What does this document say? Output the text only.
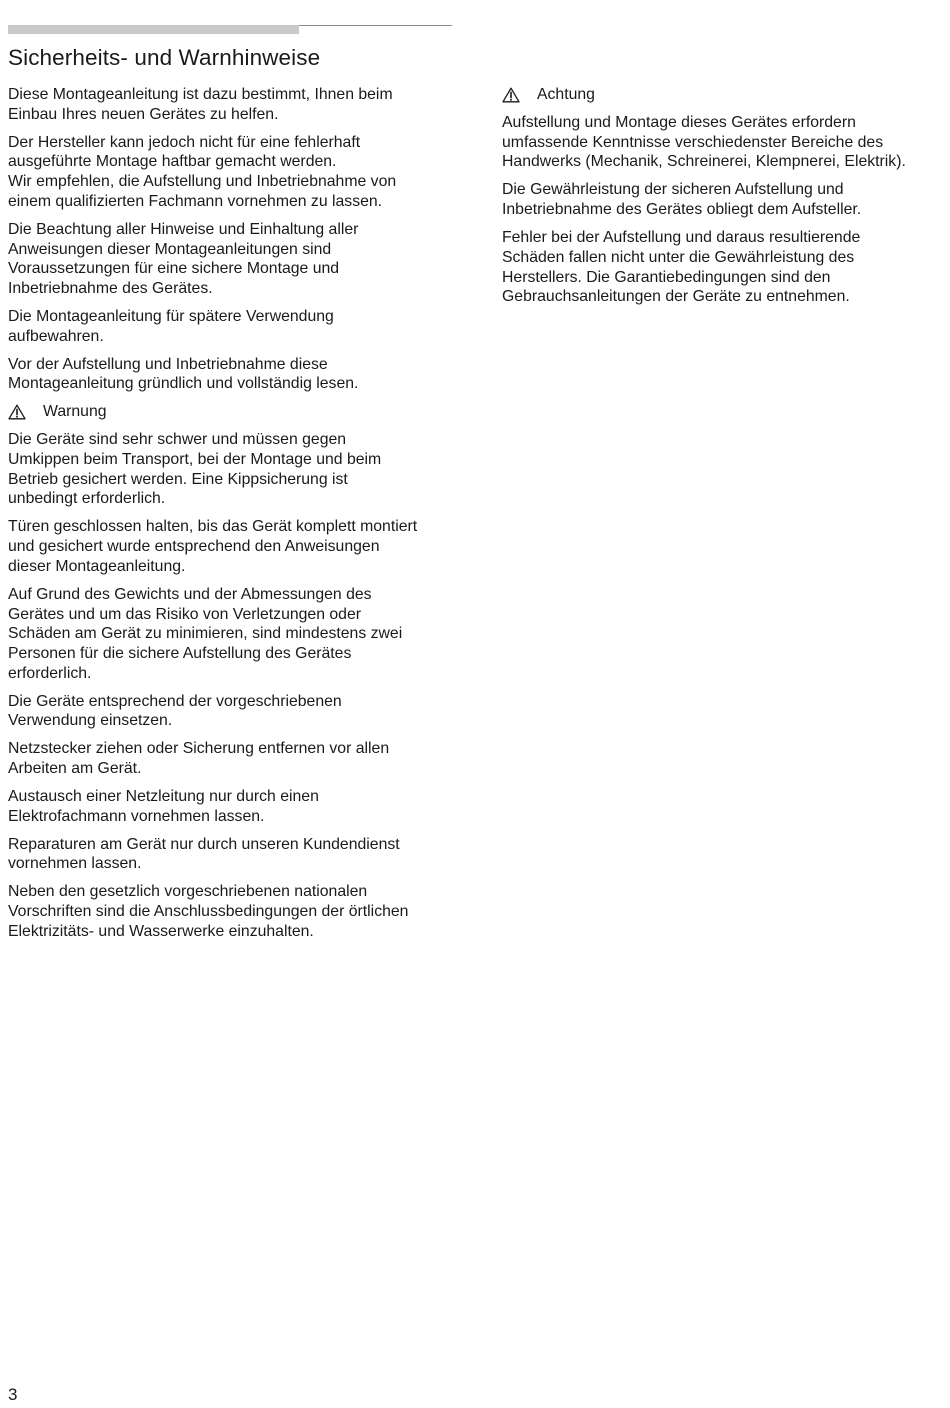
Sicherheits- und Warnhinweise

Diese Montageanleitung ist dazu bestimmt, Ihnen beim
Einbau Ihres neuen Gerätes zu helfen.

Der Hersteller kann jedoch nicht für eine fehlerhaft
ausgeführte Montage haftbar gemacht werden.
Wir empfehlen, die Aufstellung und Inbetriebnahme von
einem qualifizierten Fachmann vornehmen zu lassen.

Die Beachtung aller Hinweise und Einhaltung aller
Anweisungen dieser Montageanleitungen sind
Voraussetzungen für eine sichere Montage und
Inbetriebnahme des Gerätes.

Die Montageanleitung für spätere Verwendung
aufbewahren.

Vor der Aufstellung und Inbetriebnahme diese
Montageanleitung gründlich und vollständig lesen.

Warnung

Die Geräte sind sehr schwer und müssen gegen
Umkippen beim Transport, bei der Montage und beim
Betrieb gesichert werden. Eine Kippsicherung ist
unbedingt erforderlich.

Türen geschlossen halten, bis das Gerät komplett montiert
und gesichert wurde entsprechend den Anweisungen
dieser Montageanleitung.

Auf Grund des Gewichts und der Abmessungen des
Gerätes und um das Risiko von Verletzungen oder
Schäden am Gerät zu minimieren, sind mindestens zwei
Personen für die sichere Aufstellung des Gerätes
erforderlich.

Die Geräte entsprechend der vorgeschriebenen
Verwendung einsetzen.

Netzstecker ziehen oder Sicherung entfernen vor allen
Arbeiten am Gerät.

Austausch einer Netzleitung nur durch einen
Elektrofachmann vornehmen lassen.

Reparaturen am Gerät nur durch unseren Kundendienst
vornehmen lassen.

Neben den gesetzlich vorgeschriebenen nationalen
Vorschriften sind die Anschlussbedingungen der örtlichen
Elektrizitäts- und Wasserwerke einzuhalten.

Achtung

Aufstellung und Montage dieses Gerätes erfordern
umfassende Kenntnisse verschiedenster Bereiche des
Handwerks (Mechanik, Schreinerei, Klempnerei, Elektrik).

Die Gewährleistung der sicheren Aufstellung und
Inbetriebnahme des Gerätes obliegt dem Aufsteller.

Fehler bei der Aufstellung und daraus resultierende
Schäden fallen nicht unter die Gewährleistung des
Herstellers. Die Garantiebedingungen sind den
Gebrauchsanleitungen der Geräte zu entnehmen.

3
